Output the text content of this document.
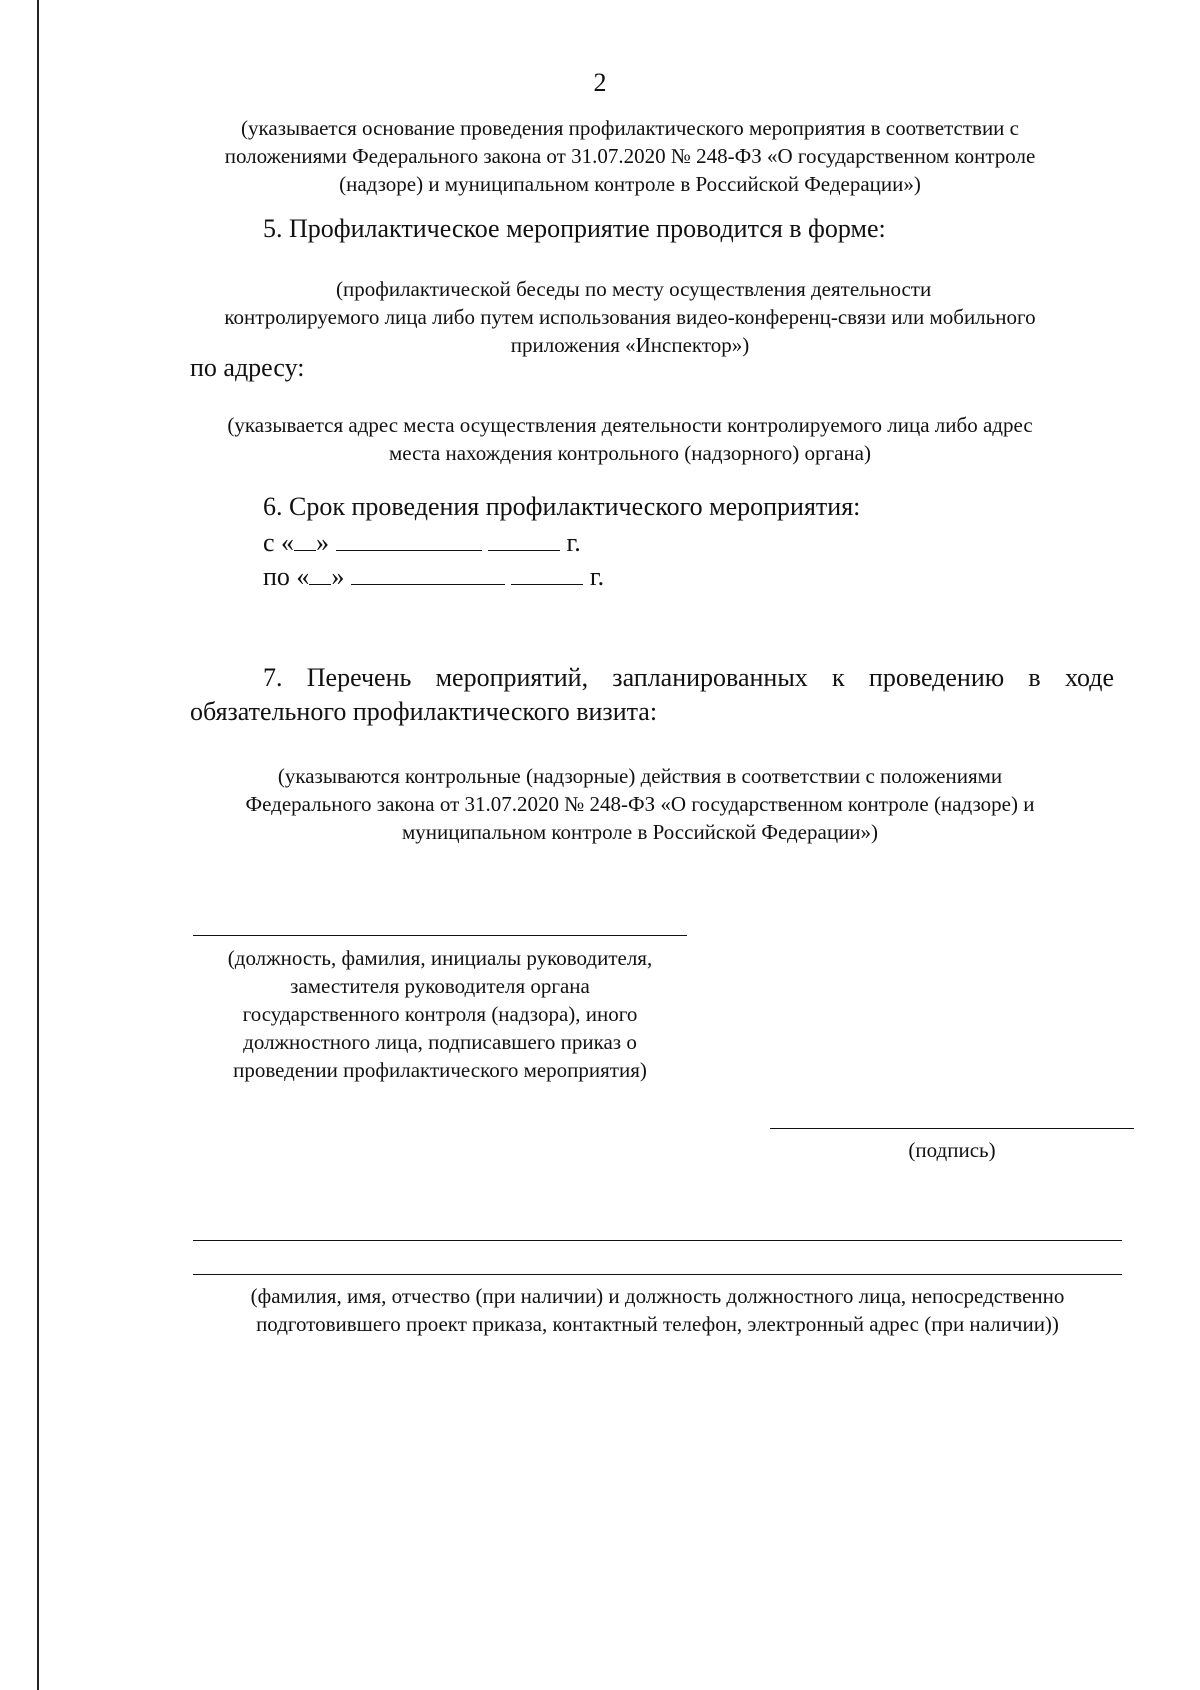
2
(указывается основание проведения профилактического мероприятия в соответствии с
положениями Федерального закона от 31.07.2020 № 248-ФЗ «О государственном контроле
(надзоре) и муниципальном контроле в Российской Федерации»)
5. Профилактическое мероприятие проводится в форме:
(профилактической беседы по месту осуществления деятельности
контролируемого лица либо путем использования видео-конференц-связи или мобильного
приложения «Инспектор»)
по адресу:
(указывается адрес места осуществления деятельности контролируемого лица либо адрес
места нахождения контрольного (надзорного) органа)
6. Срок проведения профилактического мероприятия:
с « »	г.
по « »	г.
7. Перечень мероприятий, запланированных к проведению в ходе
обязательного профилактического визита:
(указываются контрольные (надзорные) действия в соответствии с положениями
Федерального закона от 31.07.2020 № 248-ФЗ «О государственном контроле (надзоре) и
муниципальном контроле в Российской Федерации»)
(должность, фамилия, инициалы руководителя,
заместителя руководителя органа
государственного контроля (надзора), иного
должностного лица, подписавшего приказ о
проведении профилактического мероприятия)
(подпись)
(фамилия, имя, отчество (при наличии) и должность должностного лица, непосредственно
подготовившего проект приказа, контактный телефон, электронный адрес (при наличии))
